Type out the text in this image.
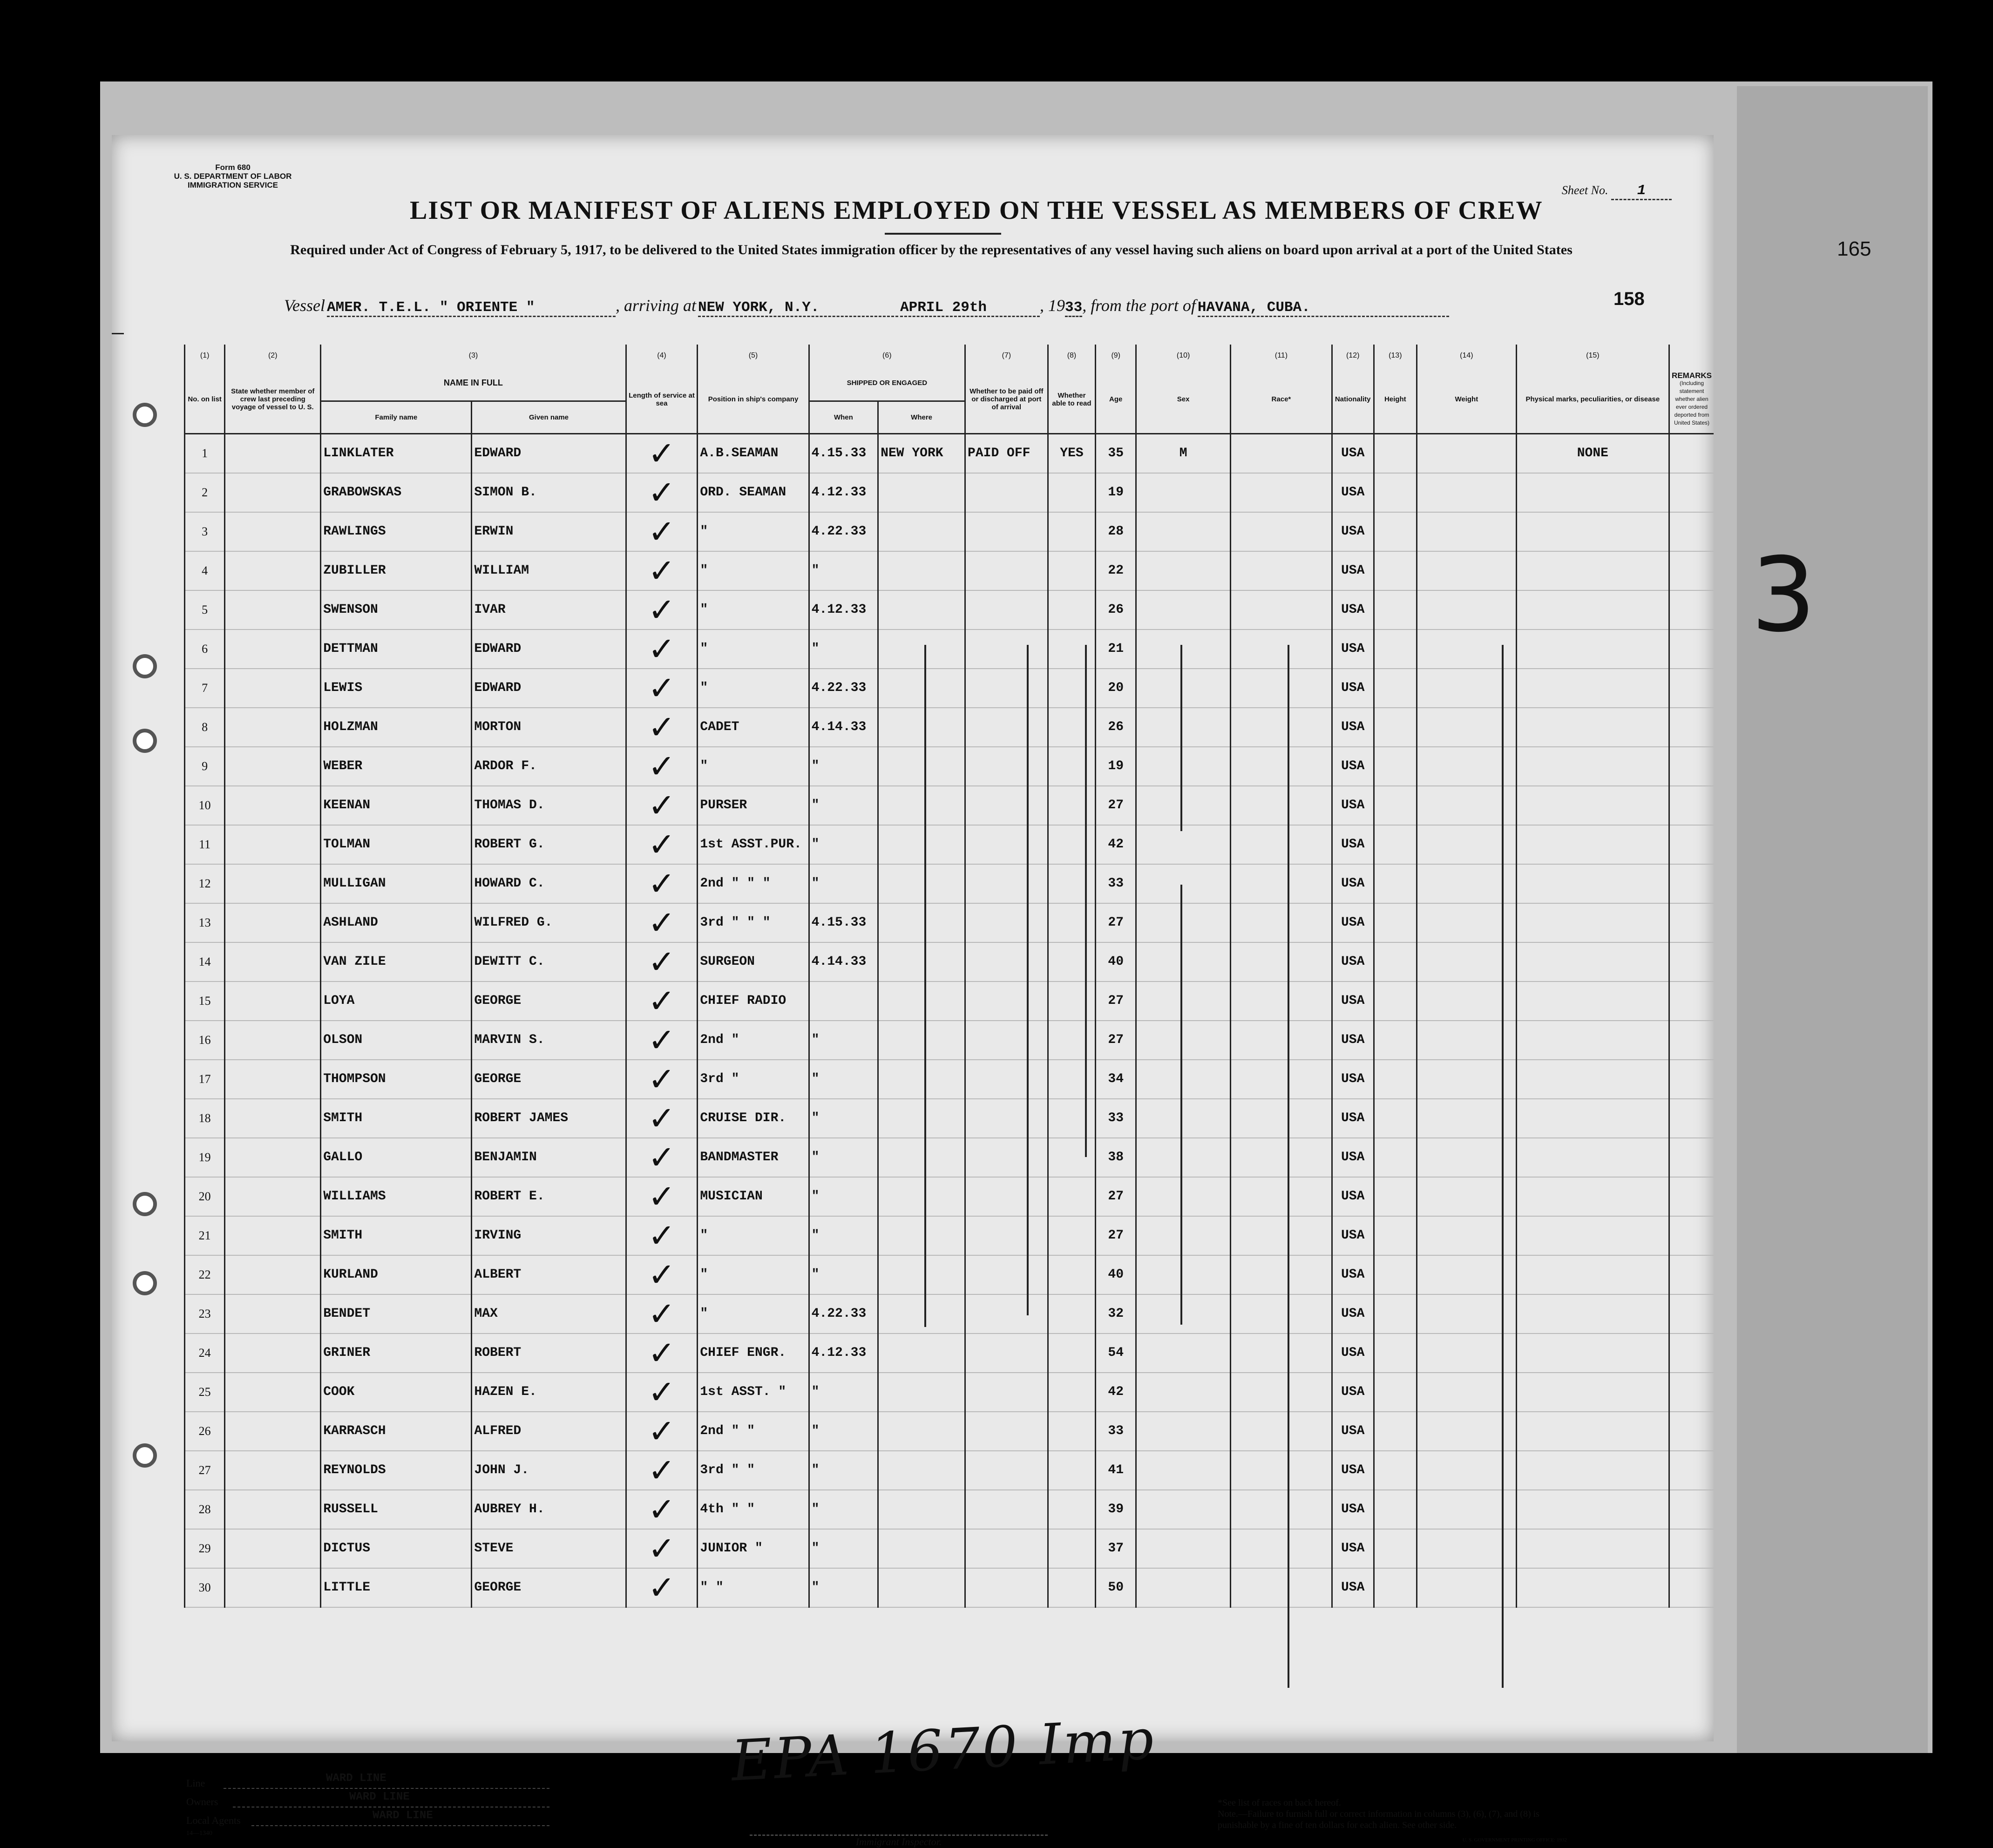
Form 680
U. S. DEPARTMENT OF LABOR
IMMIGRATION SERVICE	Sheet No. 1
LIST OR MANIFEST OF ALIENS EMPLOYED ON THE VESSEL AS MEMBERS OF CREW
Required under Act of Congress of February 5, 1917, to be delivered to the United States immigration officer by the representatives of any vessel having such aliens on board upon arrival at a port of the United States
158
Vessel AMER. T.E.L. " ORIENTE "	, arriving at NEW YORK, N.Y.	APRIL 29th	, 1933, from the port of HAVANA, CUBA.
(1)	(2)	(3)		(4)	(5)	(6)		(7)	(8)	(9)	(10)	(11)	(12)	(13)	(14)	(15)	
No. on list	State whether member of crew last preceding voyage of vessel to U. S.	NAME IN FULL		Length of service at sea	Position in ship's company	SHIPPED OR ENGAGED		Whether to be paid off or discharged at port of arrival	Whether able to read	Age	Sex	Race*	Nationality	Height	Weight	Physical marks, peculiarities, or disease	REMARKS
(Including statement whether alien ever ordered deported from United States)

		Family name	Given name			When	Where										
1		LINKLATER	EDWARD	✓	A.B.SEAMAN	4.15.33	NEW YORK	PAID OFF	YES	35	M		USA			NONE	
2		GRABOWSKAS	SIMON B.	✓	ORD. SEAMAN	4.12.33				19			USA				
3		RAWLINGS	ERWIN	✓	"	4.22.33				28			USA				
4		ZUBILLER	WILLIAM	✓	"	"				22			USA				
5		SWENSON	IVAR	✓	"	4.12.33				26			USA				
6		DETTMAN	EDWARD	✓	"	"				21			USA				
7		LEWIS	EDWARD	✓	"	4.22.33				20			USA				
8		HOLZMAN	MORTON	✓	CADET	4.14.33				26			USA				
9		WEBER	ARDOR F.	✓	"	"				19			USA				
10		KEENAN	THOMAS D.	✓	PURSER	"				27			USA				
11		TOLMAN	ROBERT G.	✓	1st ASST.PUR.	"				42			USA				
12		MULLIGAN	HOWARD C.	✓	2nd " " "	"				33			USA				
13		ASHLAND	WILFRED G.	✓	3rd " " "	4.15.33				27			USA				
14		VAN ZILE	DEWITT C.	✓	SURGEON	4.14.33				40			USA				
15		LOYA	GEORGE	✓	CHIEF RADIO					27			USA				
16		OLSON	MARVIN S.	✓	2nd "	"				27			USA				
17		THOMPSON	GEORGE	✓	3rd "	"				34			USA				
18		SMITH	ROBERT JAMES	✓	CRUISE DIR.	"				33			USA				
19		GALLO	BENJAMIN	✓	BANDMASTER	"				38			USA				
20		WILLIAMS	ROBERT E.	✓	MUSICIAN	"				27			USA				
21		SMITH	IRVING	✓	"	"				27			USA				
22		KURLAND	ALBERT	✓	"	"				40			USA				
23		BENDET	MAX	✓	"	4.22.33				32			USA				
24		GRINER	ROBERT	✓	CHIEF ENGR.	4.12.33				54			USA				
25		COOK	HAZEN E.	✓	1st ASST. "	"				42			USA				
26		KARRASCH	ALFRED	✓	2nd " "	"				33			USA				
27		REYNOLDS	JOHN J.	✓	3rd " "	"				41			USA				
28		RUSSELL	AUBREY H.	✓	4th " "	"				39			USA				
29		DICTUS	STEVE	✓	JUNIOR "	"				37			USA				
30		LITTLE	GEORGE	✓	" "	"				50			USA				
EPA 1670 Imp
Line	WARD LINE
Owners	WARD LINE
Local Agents	WARD LINE
14—1340
Immigrant Inspector.
*See list of races on back hereof.
Note.—Failure to furnish full or correct information in columns (3), (6), (7), and (8) is punishable by a fine of ten dollars for each alien. See other side.
U. S. GOVERNMENT PRINTING OFFICE: 1932
165
3
